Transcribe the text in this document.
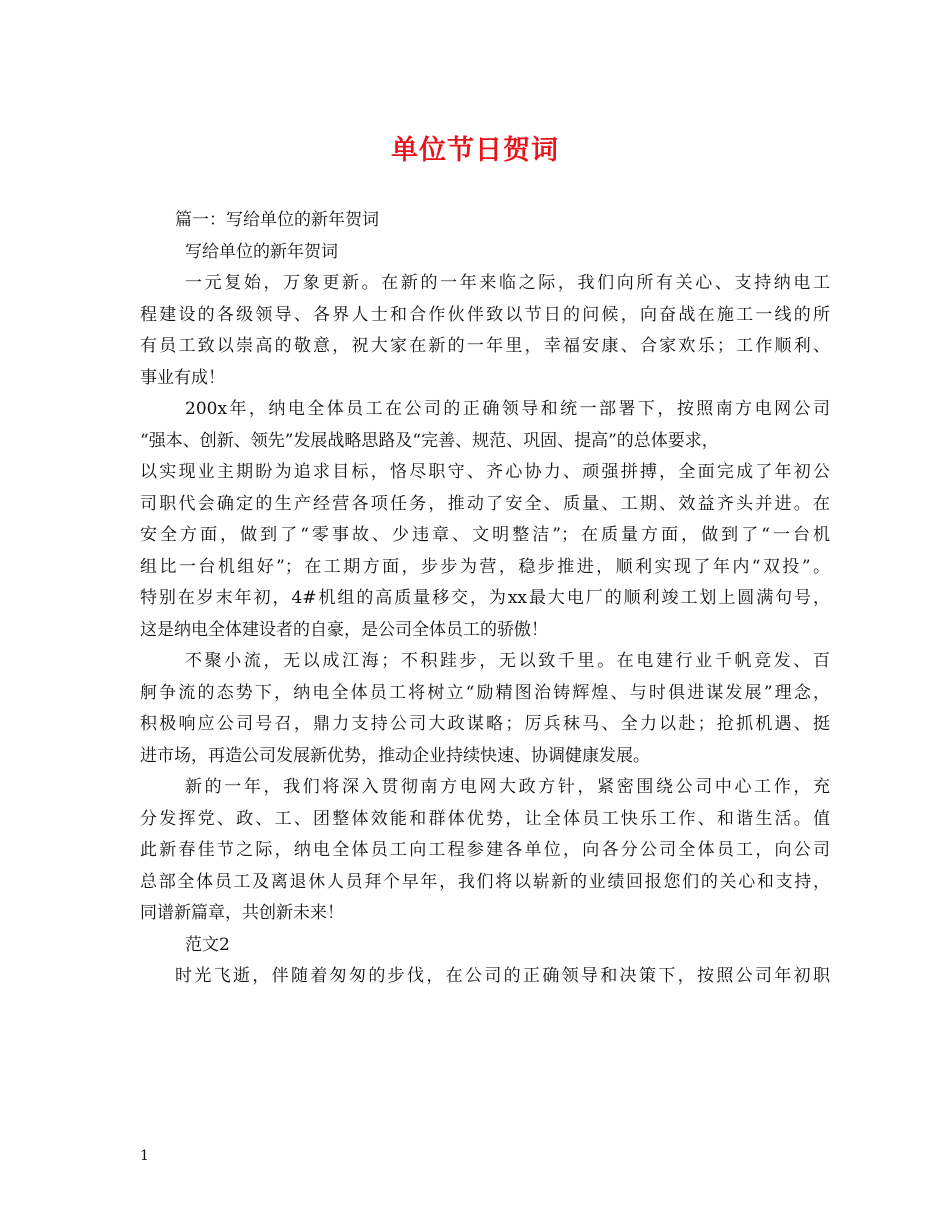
单位节日贺词
篇一：写给单位的新年贺词
写给单位的新年贺词
一元复始，万象更新。在新的一年来临之际，我们向所有关心、支持纳电工
程建设的各级领导、各界人士和合作伙伴致以节日的问候，向奋战在施工一线的所
有员工致以崇高的敬意，祝大家在新的一年里，幸福安康、合家欢乐；工作顺利、
事业有成！
200x年，纳电全体员工在公司的正确领导和统一部署下，按照南方电网公司
“强本、创新、领先”发展战略思路及“完善、规范、巩固、提高”的总体要求，
以实现业主期盼为追求目标，恪尽职守、齐心协力、顽强拼搏，全面完成了年初公
司职代会确定的生产经营各项任务，推动了安全、质量、工期、效益齐头并进。在
安全方面，做到了“零事故、少违章、文明整洁”；在质量方面，做到了“一台机
组比一台机组好”；在工期方面，步步为营，稳步推进，顺利实现了年内“双投”。
特别在岁末年初，4#机组的高质量移交，为xx最大电厂的顺利竣工划上圆满句号，
这是纳电全体建设者的自豪，是公司全体员工的骄傲！
不聚小流，无以成江海；不积跬步，无以致千里。在电建行业千帆竞发、百
舸争流的态势下，纳电全体员工将树立“励精图治铸辉煌、与时俱进谋发展”理念，
积极响应公司号召，鼎力支持公司大政谋略；厉兵秣马、全力以赴；抢抓机遇、挺
进市场，再造公司发展新优势，推动企业持续快速、协调健康发展。
新的一年，我们将深入贯彻南方电网大政方针，紧密围绕公司中心工作，充
分发挥党、政、工、团整体效能和群体优势，让全体员工快乐工作、和谐生活。值
此新春佳节之际，纳电全体员工向工程参建各单位，向各分公司全体员工，向公司
总部全体员工及离退休人员拜个早年，我们将以崭新的业绩回报您们的关心和支持，
同谱新篇章，共创新未来！
范文2
时光飞逝，伴随着匆匆的步伐，在公司的正确领导和决策下，按照公司年初职
1
